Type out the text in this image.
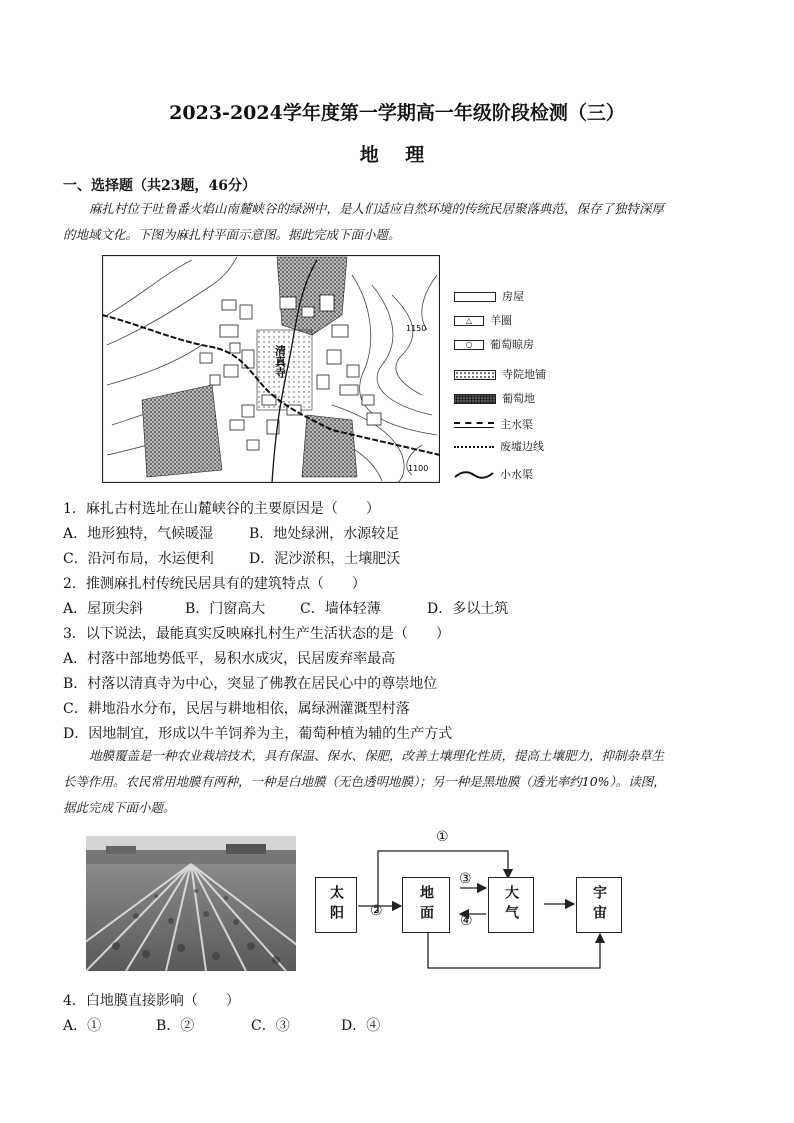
2023-2024学年度第一学期高一年级阶段检测（三）
地 理
一、选择题（共23题，46分）
麻扎村位于吐鲁番火焰山南麓峡谷的绿洲中，是人们适应自然环境的传统民居聚落典范，保存了独特深厚
的地域文化。下图为麻扎村平面示意图。据此完成下面小题。
清真寺
1150
1100
房屋
△ 羊圈
○ 葡萄晾房
寺院地铺
葡萄地
主水渠
废墟边线
小水渠
1．麻扎古村选址在山麓峡谷的主要原因是（　　）
A．地形独特，气候暖湿	B．地处绿洲，水源较足
C．沿河布局，水运便利	D．泥沙淤积，土壤肥沃
2．推测麻扎村传统民居具有的建筑特点（　　）
A．屋顶尖斜	B．门窗高大 C．墙体轻薄	D．多以土筑
3．以下说法，最能真实反映麻扎村生产生活状态的是（　　）
A．村落中部地势低平，易积水成灾，民居废弃率最高
B．村落以清真寺为中心，突显了佛教在居民心中的尊崇地位
C．耕地沿水分布，民居与耕地相依，属绿洲灌溉型村落
D．因地制宜，形成以牛羊饲养为主，葡萄种植为辅的生产方式
地膜覆盖是一种农业栽培技术，具有保温、保水、保肥，改善土壤理化性质，提高土壤肥力，抑制杂草生
长等作用。农民常用地膜有两种，一种是白地膜（无色透明地膜）；另一种是黑地膜（透光率约10%）。读图，
据此完成下面小题。
太阳	地面	大气	宇宙
①
②
③
④
4．白地膜直接影响（　　）
A．①	B．②	C．③	D．④
